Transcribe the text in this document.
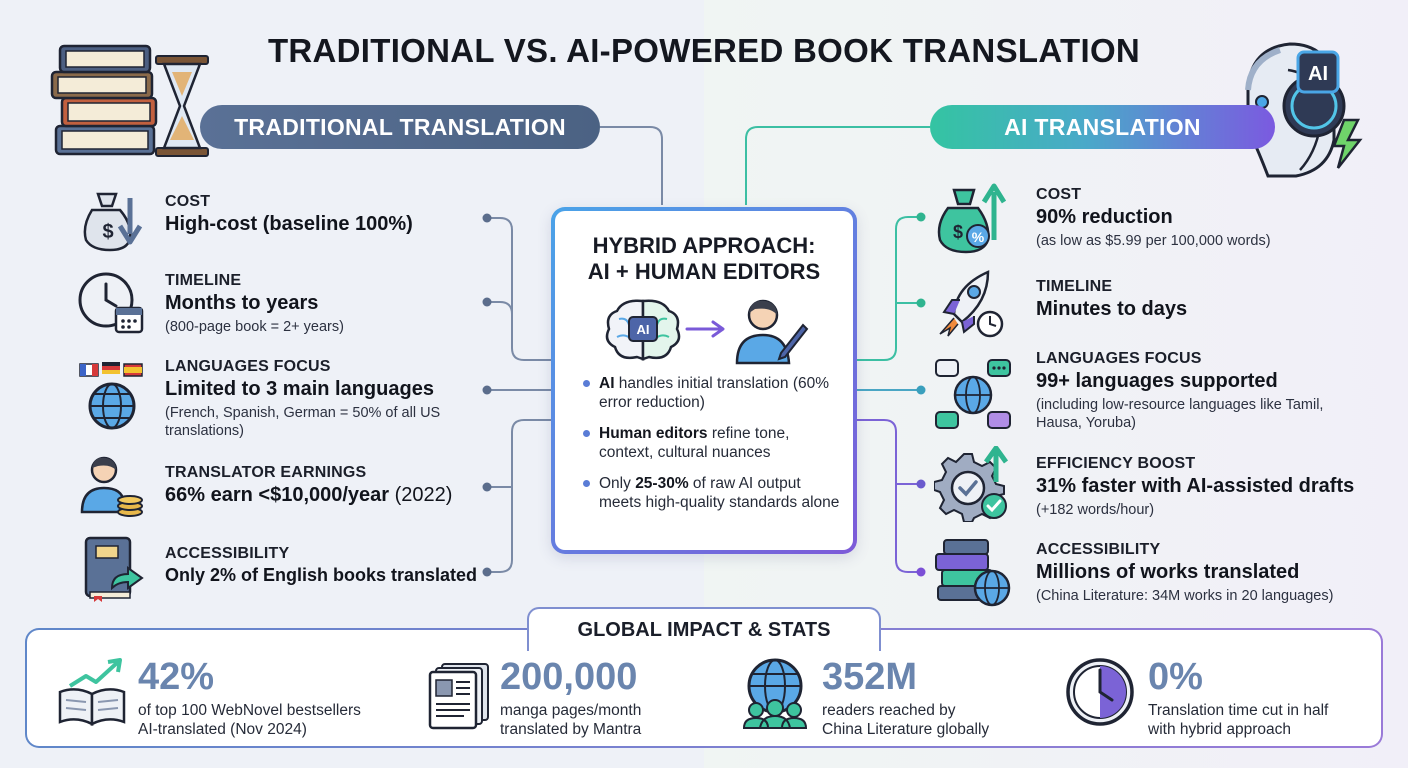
TRADITIONAL VS. AI-POWERED BOOK TRANSLATION
AI
TRADITIONAL TRANSLATION	AI TRANSLATION
$
COST
High-cost (baseline 100%)
TIMELINE
Months to years
(800-page book = 2+ years)
LANGUAGES FOCUS
Limited to 3 main languages
(French, Spanish, German = 50% of all US translations)
TRANSLATOR EARNINGS
66% earn <$10,000/year (2022)
ACCESSIBILITY
Only 2% of English books translated
HYBRID APPROACH:
AI + HUMAN EDITORS
AI
AI handles initial translation (60% error reduction)
Human editors refine tone, context, cultural nuances
Only 25-30% of raw AI output meets high-quality standards alone
$ %
COST
90% reduction
(as low as $5.99 per 100,000 words)
TIMELINE
Minutes to days
LANGUAGES FOCUS
99+ languages supported
(including low-resource languages like Tamil, Hausa, Yoruba)
EFFICIENCY BOOST
31% faster with AI-assisted drafts
(+182 words/hour)
ACCESSIBILITY
Millions of works translated
(China Literature: 34M works in 20 languages)
GLOBAL IMPACT & STATS
42%
of top 100 WebNovel bestsellers
AI-translated (Nov 2024)
200,000
manga pages/month
translated by Mantra
352M
readers reached by
China Literature globally
0%
Translation time cut in half
with hybrid approach
